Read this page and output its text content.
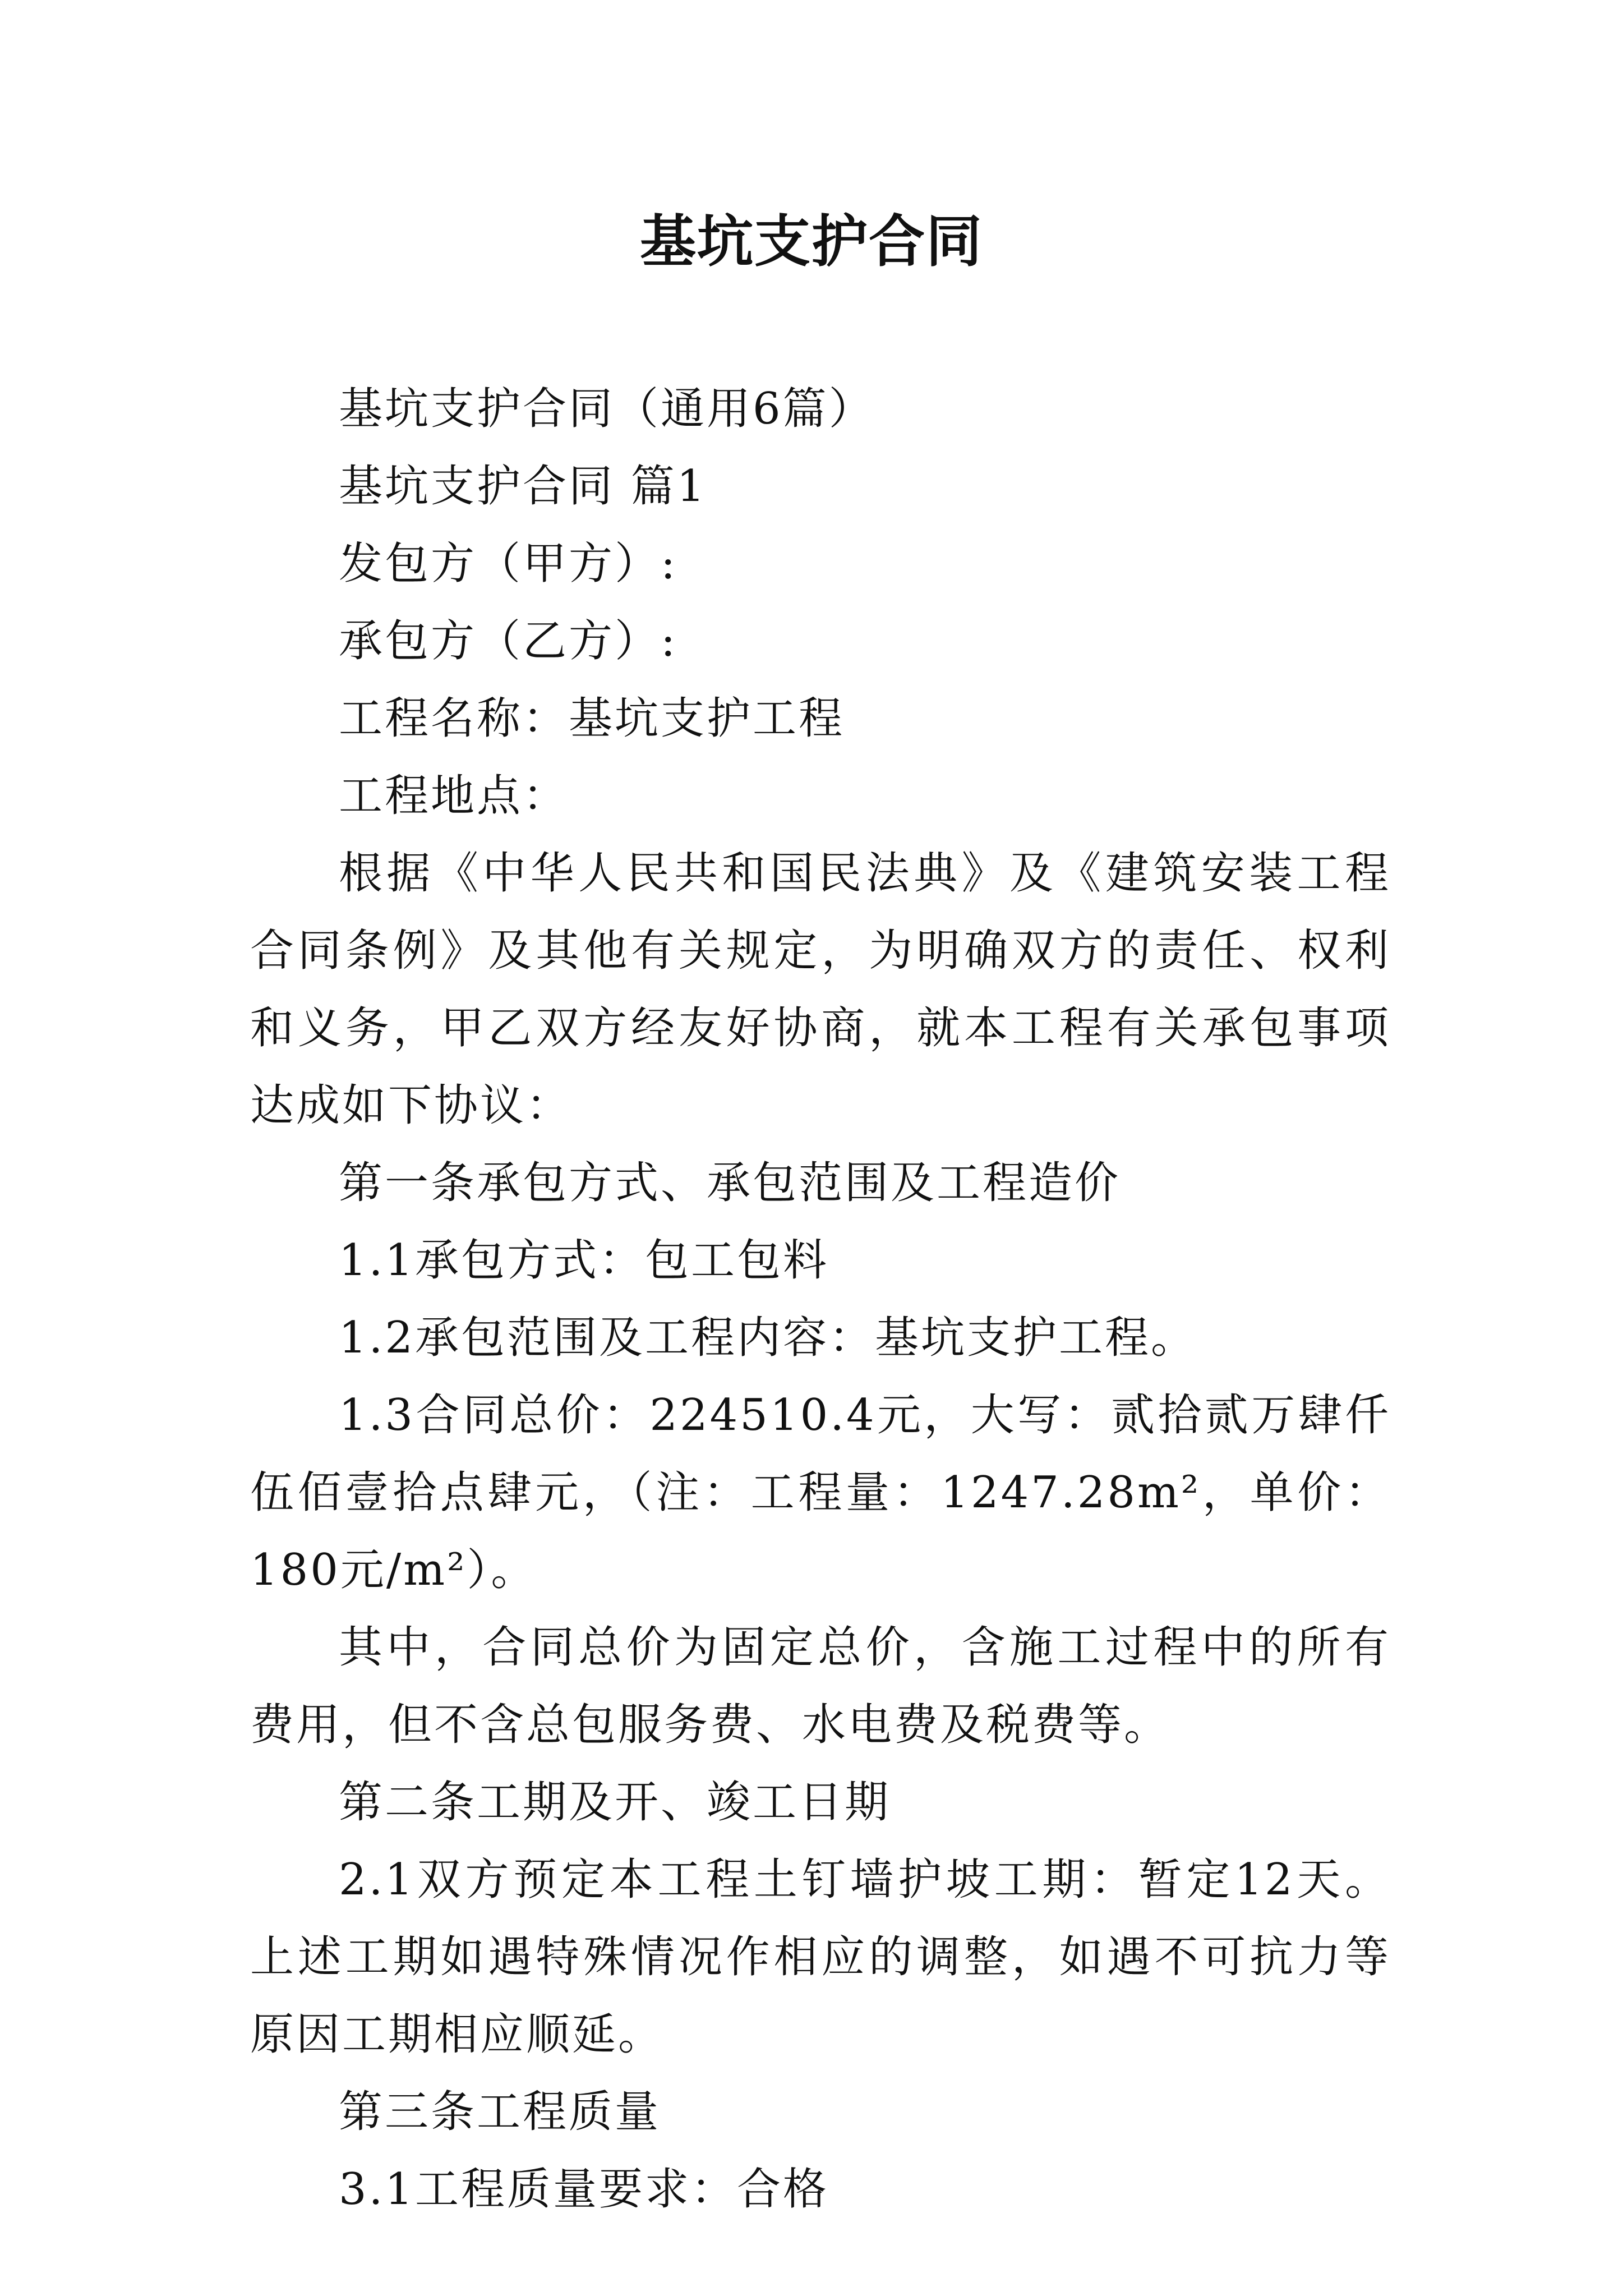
基坑支护合同

基坑支护合同（通用6篇）

基坑支护合同 篇1

发包方（甲方）:

承包方（乙方）:

工程名称：基坑支护工程

工程地点：

根据《中华人民共和国民法典》及《建筑安装工程合同条例》及其他有关规定，为明确双方的责任、权利和义务，甲乙双方经友好协商，就本工程有关承包事项达成如下协议：

第一条承包方式、承包范围及工程造价

1.1承包方式：包工包料

1.2承包范围及工程内容：基坑支护工程。

1.3合同总价：224510.4元，大写：贰拾贰万肆仟伍佰壹拾点肆元，（注：工程量：1247.28m²，单价：180元/m²）。

其中，合同总价为固定总价，含施工过程中的所有费用，但不含总包服务费、水电费及税费等。

第二条工期及开、竣工日期

2.1双方预定本工程土钉墙护坡工期：暂定12天。上述工期如遇特殊情况作相应的调整，如遇不可抗力等原因工期相应顺延。

第三条工程质量

3.1工程质量要求：合格
